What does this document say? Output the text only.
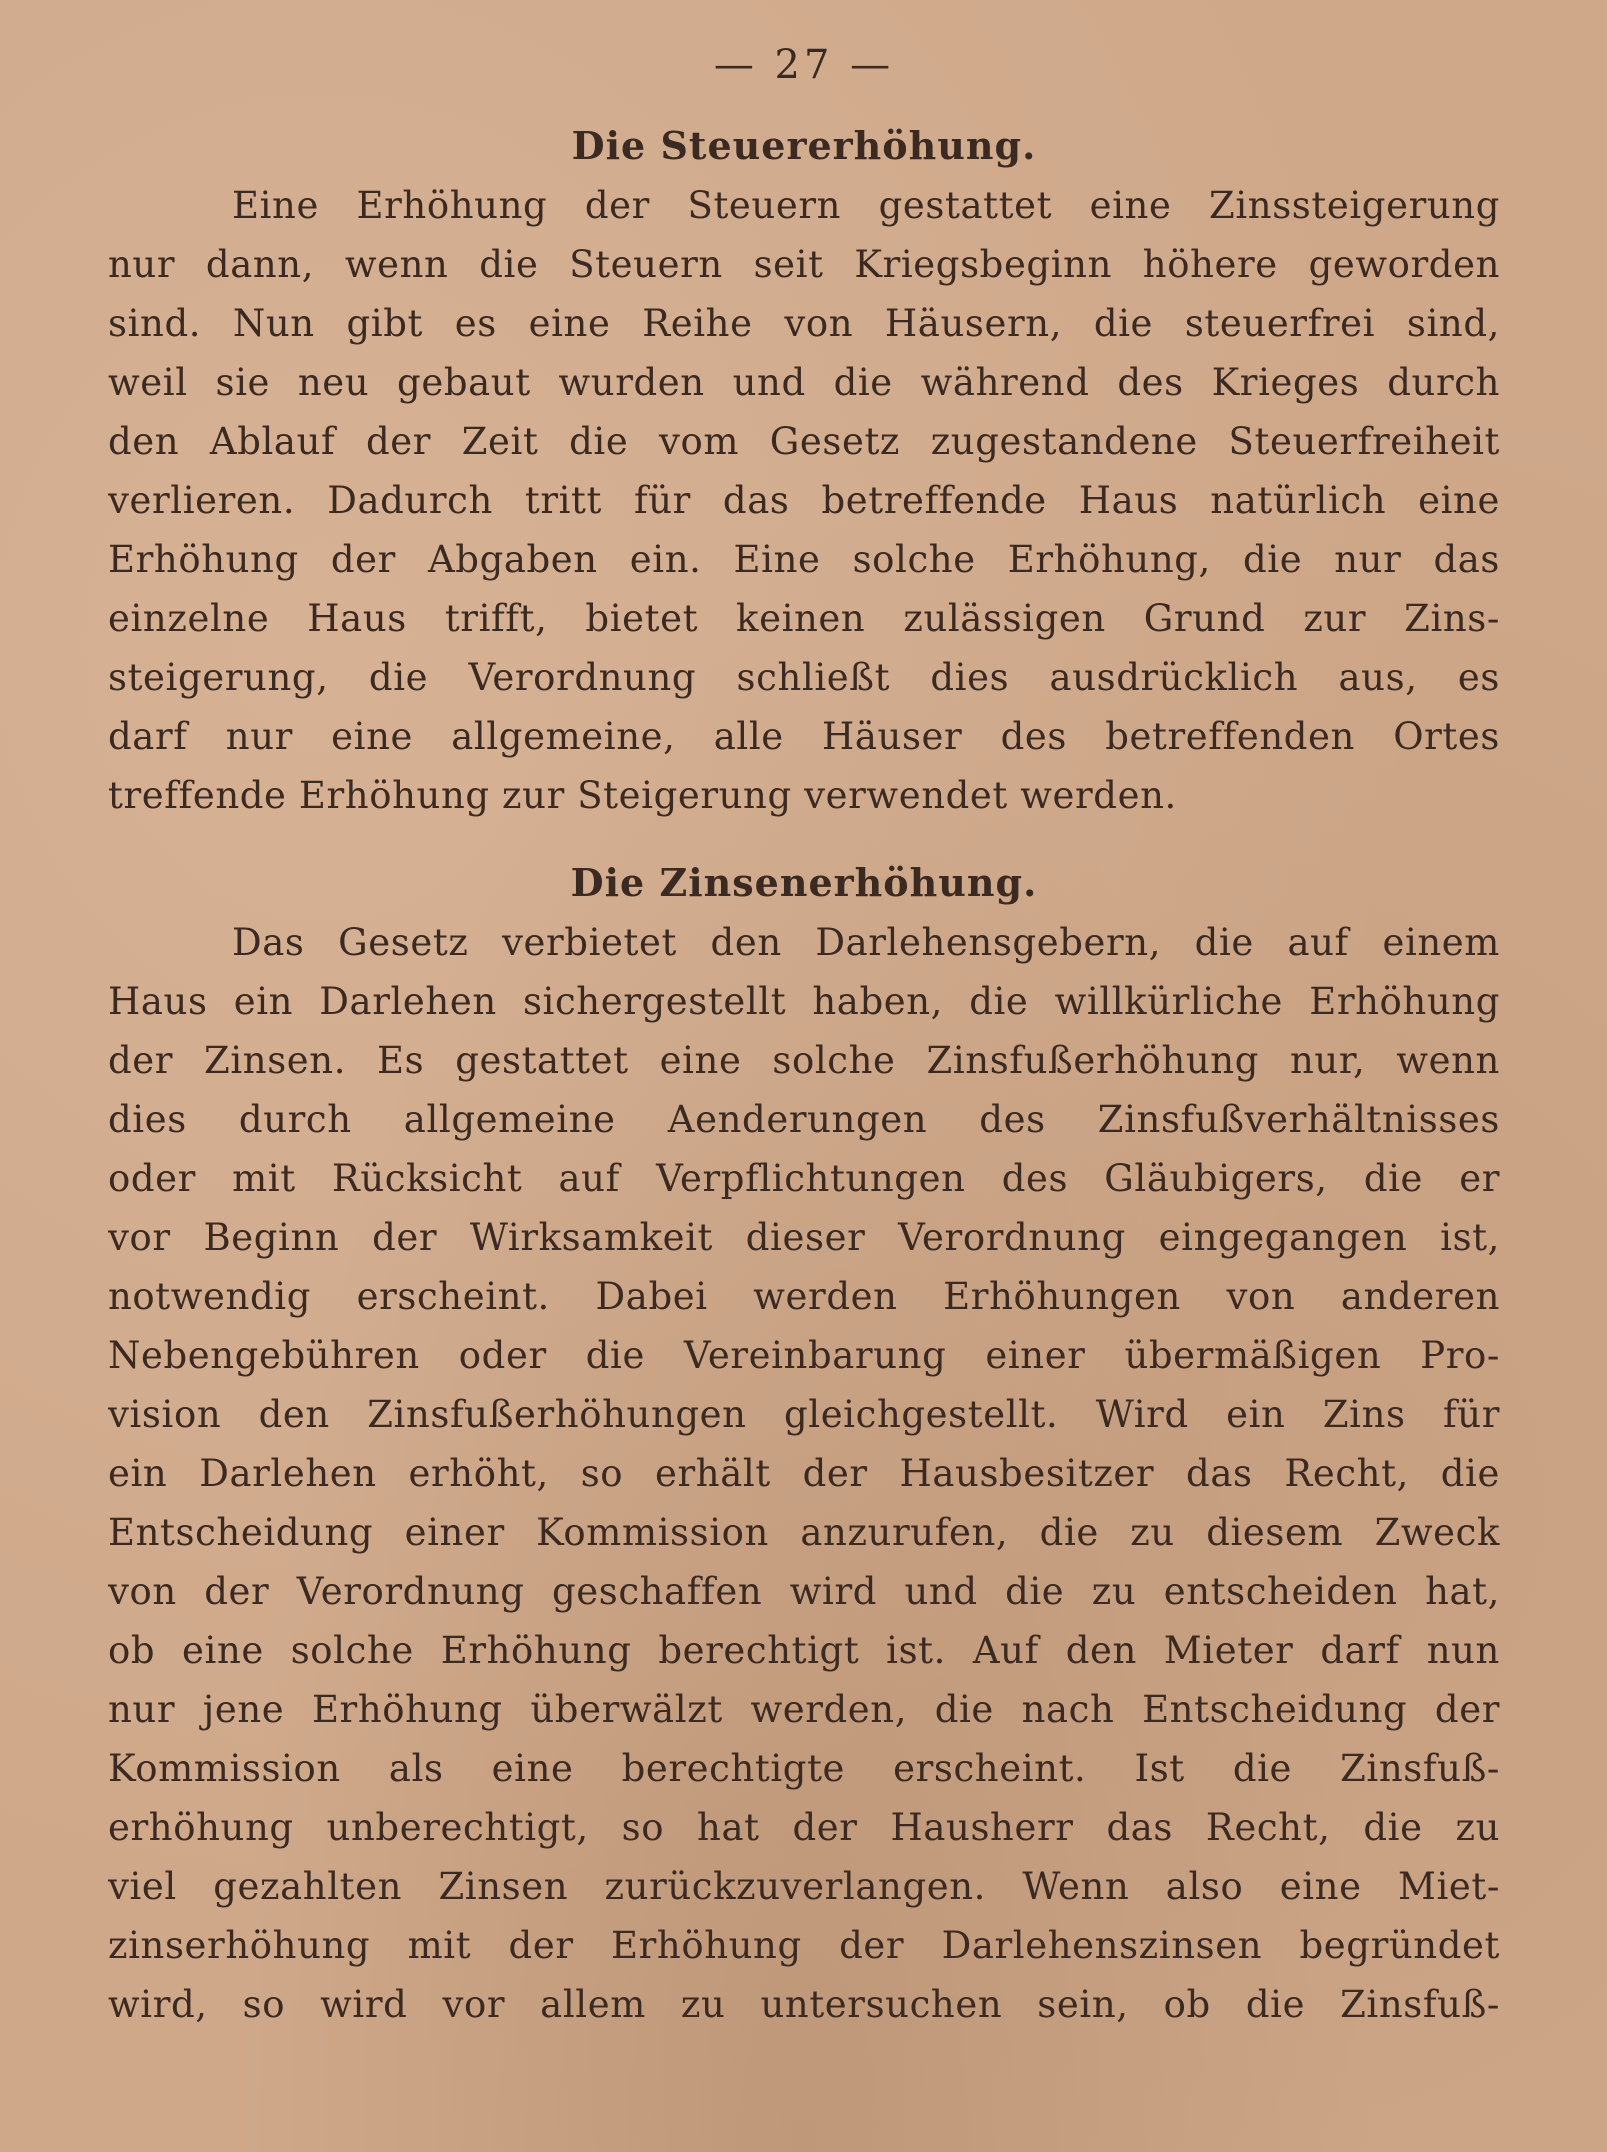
— 27 —
Die Steuererhöhung.
Eine Erhöhung der Steuern gestattet eine Zinssteigerung
nur dann, wenn die Steuern seit Kriegsbeginn höhere geworden
sind. Nun gibt es eine Reihe von Häusern, die steuerfrei sind,
weil sie neu gebaut wurden und die während des Krieges durch
den Ablauf der Zeit die vom Gesetz zugestandene Steuerfreiheit
verlieren. Dadurch tritt für das betreffende Haus natürlich eine
Erhöhung der Abgaben ein. Eine solche Erhöhung, die nur das
einzelne Haus trifft, bietet keinen zulässigen Grund zur Zins-
steigerung, die Verordnung schließt dies ausdrücklich aus, es
darf nur eine allgemeine, alle Häuser des betreffenden Ortes
treffende Erhöhung zur Steigerung verwendet werden.
Die Zinsenerhöhung.
Das Gesetz verbietet den Darlehensgebern, die auf einem
Haus ein Darlehen sichergestellt haben, die willkürliche Erhöhung
der Zinsen. Es gestattet eine solche Zinsfußerhöhung nur, wenn
dies durch allgemeine Aenderungen des Zinsfußverhältnisses
oder mit Rücksicht auf Verpflichtungen des Gläubigers, die er
vor Beginn der Wirksamkeit dieser Verordnung eingegangen ist,
notwendig erscheint. Dabei werden Erhöhungen von anderen
Nebengebühren oder die Vereinbarung einer übermäßigen Pro-
vision den Zinsfußerhöhungen gleichgestellt. Wird ein Zins für
ein Darlehen erhöht, so erhält der Hausbesitzer das Recht, die
Entscheidung einer Kommission anzurufen, die zu diesem Zweck
von der Verordnung geschaffen wird und die zu entscheiden hat,
ob eine solche Erhöhung berechtigt ist. Auf den Mieter darf nun
nur jene Erhöhung überwälzt werden, die nach Entscheidung der
Kommission als eine berechtigte erscheint. Ist die Zinsfuß-
erhöhung unberechtigt, so hat der Hausherr das Recht, die zu
viel gezahlten Zinsen zurückzuverlangen. Wenn also eine Miet-
zinserhöhung mit der Erhöhung der Darlehenszinsen begründet
wird, so wird vor allem zu untersuchen sein, ob die Zinsfuß-
